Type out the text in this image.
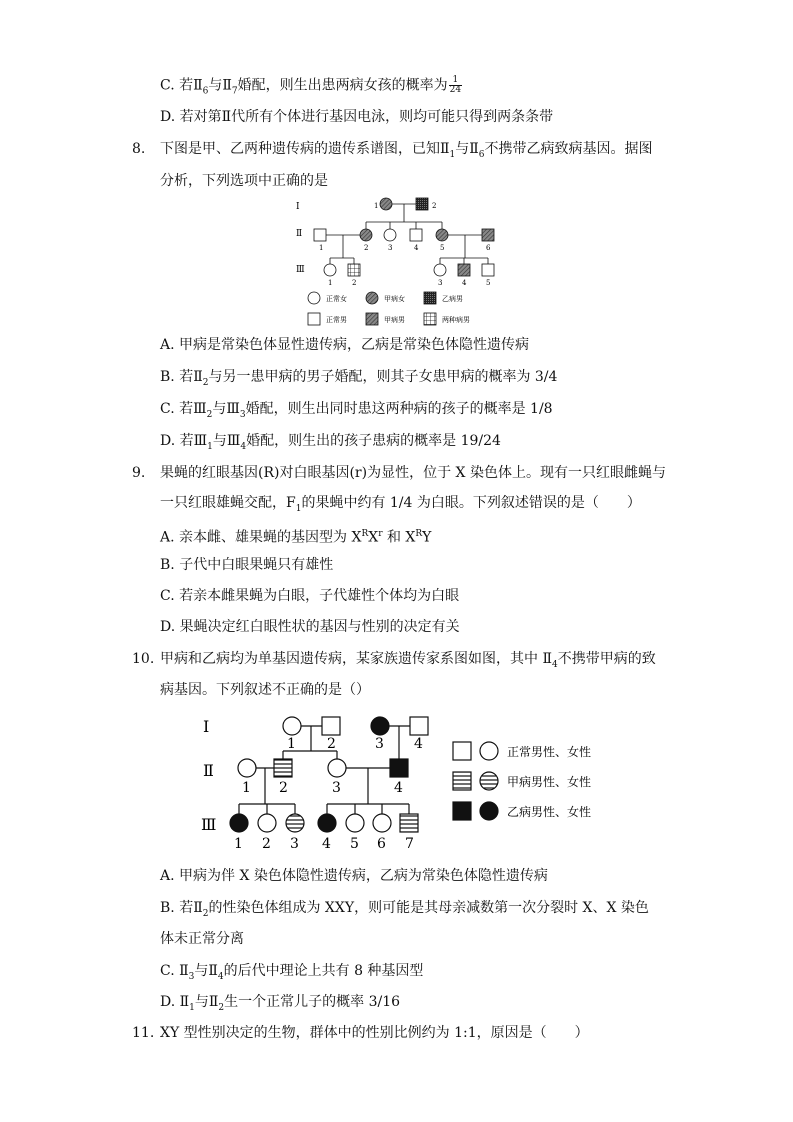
C. 若$Ⅱ_6$与$Ⅱ_7$婚配，则生出患两病女孩的概率为 $\frac{1}{24}$
D. 若对第Ⅱ代所有个体进行基因电泳，则均可能只得到两条条带
8. 下图是甲、乙两种遗传病的遗传系谱图，已知$Ⅱ_1$与$Ⅱ_6$不携带乙病致病基因。据图
分析，下列选项中正确的是
Ⅰ
Ⅱ
Ⅲ
1	2
1	2	3	4	5	6
1	2	3	4	5
正常女	甲病女	乙病男
正常男	甲病男	两种病男
A. 甲病是常染色体显性遗传病，乙病是常染色体隐性遗传病
B. 若$Ⅱ_2$与另一患甲病的男子婚配，则其子女患甲病的概率为 3/4
C. 若$Ⅲ_2$与$Ⅲ_3$婚配，则生出同时患这两种病的孩子的概率是 1/8
D. 若$Ⅲ_1$与$Ⅲ_4$婚配，则生出的孩子患病的概率是 19/24
9. 果蝇的红眼基因(R)对白眼基因(r)为显性，位于 X 染色体上。现有一只红眼雌蝇与
一只红眼雄蝇交配，$F_1$的果蝇中约有 1/4 为白眼。下列叙述错误的是（　　）
A. 亲本雌、雄果蝇的基因型为 $X^RX^r$ 和 $X^RY$
B. 子代中白眼果蝇只有雄性
C. 若亲本雌果蝇为白眼，子代雄性个体均为白眼
D. 果蝇决定红白眼性状的基因与性别的决定有关
10. 甲病和乙病均为单基因遗传病，某家族遗传家系图如图，其中 $Ⅱ_4$不携带甲病的致
病基因。下列叙述不正确的是（）
Ⅰ
Ⅱ
Ⅲ
1 2	3 4
1 2	3	4
1 2 3 4 5 6 7
正常男性、女性
甲病男性、女性
乙病男性、女性
A. 甲病为伴 X 染色体隐性遗传病，乙病为常染色体隐性遗传病
B. 若$Ⅱ_2$的性染色体组成为 XXY，则可能是其母亲减数第一次分裂时 X、X 染色
体未正常分离
C. $Ⅱ_3$与$Ⅱ_4$的后代中理论上共有 8 种基因型
D. $Ⅱ_1$与$Ⅱ_2$生一个正常儿子的概率 3/16
11. XY 型性别决定的生物，群体中的性别比例约为 1:1，原因是（　　）
